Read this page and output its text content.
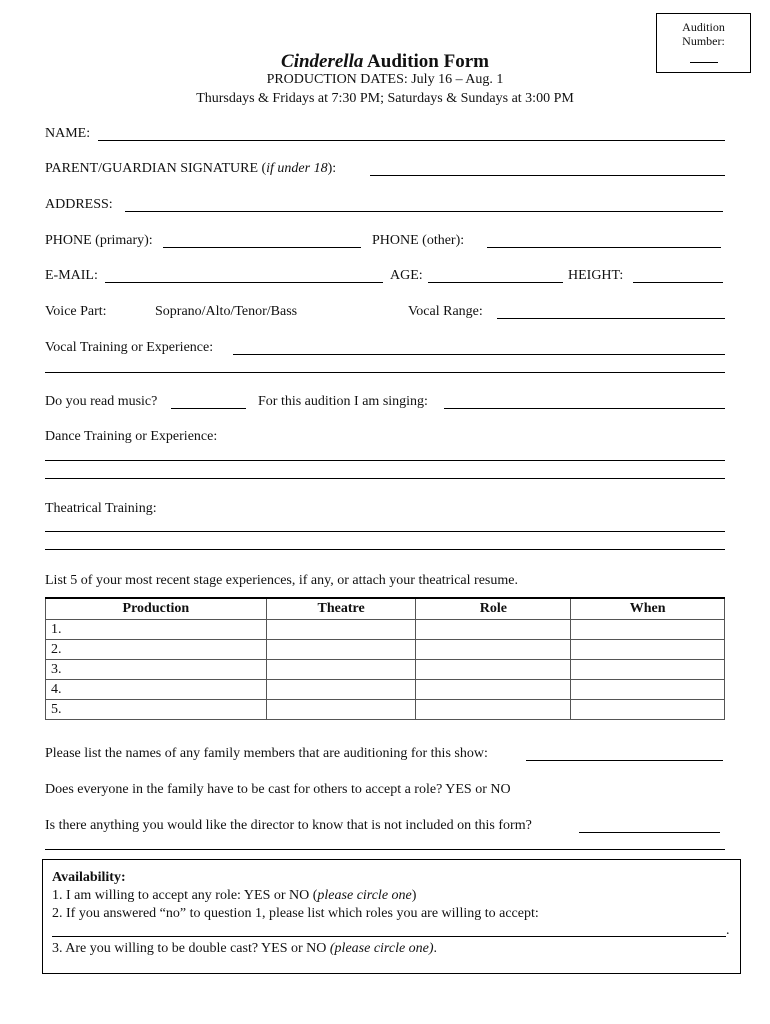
Audition
Number:
Cinderella Audition Form
PRODUCTION DATES: July 16 – Aug. 1
Thursdays & Fridays at 7:30 PM; Saturdays & Sundays at 3:00 PM
NAME:
PARENT/GUARDIAN SIGNATURE (if under 18):
ADDRESS:
PHONE (primary):	PHONE (other):
E-MAIL:	AGE:	HEIGHT:
Voice Part:	Soprano/Alto/Tenor/Bass	Vocal Range:
Vocal Training or Experience:
Do you read music?	For this audition I am singing:
Dance Training or Experience:
Theatrical Training:
List 5 of your most recent stage experiences, if any, or attach your theatrical resume.
Production	Theatre	Role	When
1.			
2.			
3.			
4.			
5.			
Please list the names of any family members that are auditioning for this show:
Does everyone in the family have to be cast for others to accept a role? YES or NO
Is there anything you would like the director to know that is not included on this form?
Availability:
1. I am willing to accept any role: YES or NO (please circle one)
2. If you answered “no” to question 1, please list which roles you are willing to accept:
.
3. Are you willing to be double cast? YES or NO (please circle one).
